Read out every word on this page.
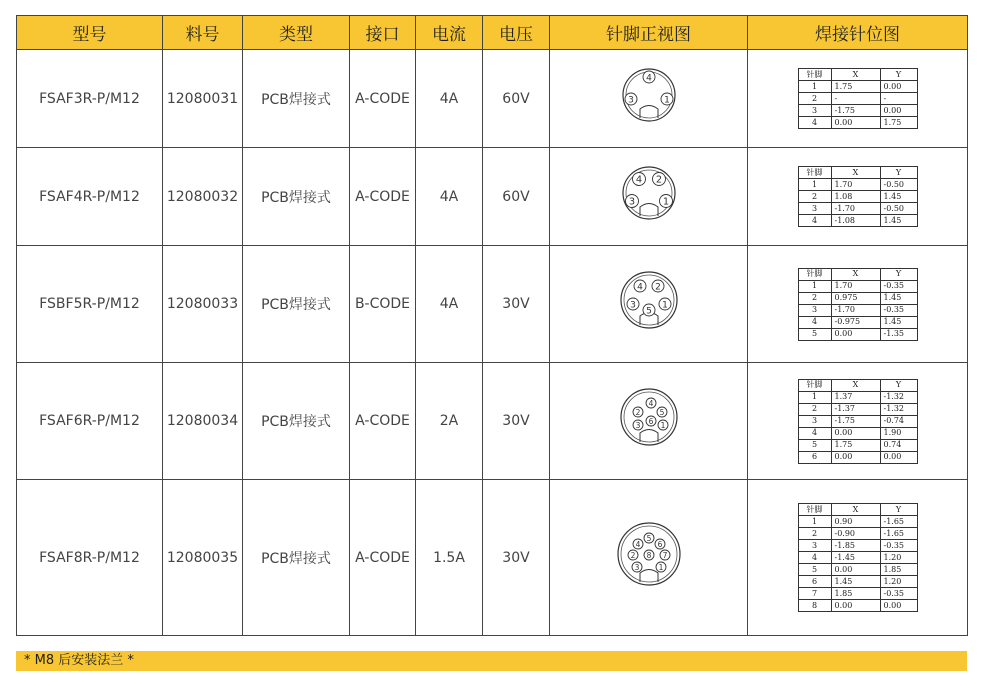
型号	料号	类型	接口	电流	电压	针脚正视图	焊接针位图
FSAF3R-P/M12	12080031	PCB焊接式	A-CODE	4A	60V	
4
3	1

针脚	X	Y
1	1.75	0.00
2	-	-
3	-1.75	0.00
4	0.00	1.75

FSAF4R-P/M12	12080032	PCB焊接式	A-CODE	4A	60V	
4 2
3	1

针脚	X	Y
1	1.70	-0.50
2	1.08	1.45
3	-1.70	-0.50
4	-1.08	1.45

FSBF5R-P/M12	12080033	PCB焊接式	B-CODE	4A	30V	
4 2
3
5
1

针脚	X	Y
1	1.70	-0.35
2	0.975	1.45
3	-1.70	-0.35
4	-0.975	1.45
5	0.00	-1.35

FSAF6R-P/M12	12080034	PCB焊接式	A-CODE	2A	30V	
4
2	5
3 6 1

针脚	X	Y
1	1.37	-1.32
2	-1.37	-1.32
3	-1.75	-0.74
4	0.00	1.90
5	1.75	0.74
6	0.00	0.00

FSAF8R-P/M12	12080035	PCB焊接式	A-CODE	1.5A	30V	
5
4 6
2 8 7
3	1

针脚	X	Y
1	0.90	-1.65
2	-0.90	-1.65
3	-1.85	-0.35
4	-1.45	1.20
5	0.00	1.85
6	1.45	1.20
7	1.85	-0.35
8	0.00	0.00
* M8 后安装法兰 *
